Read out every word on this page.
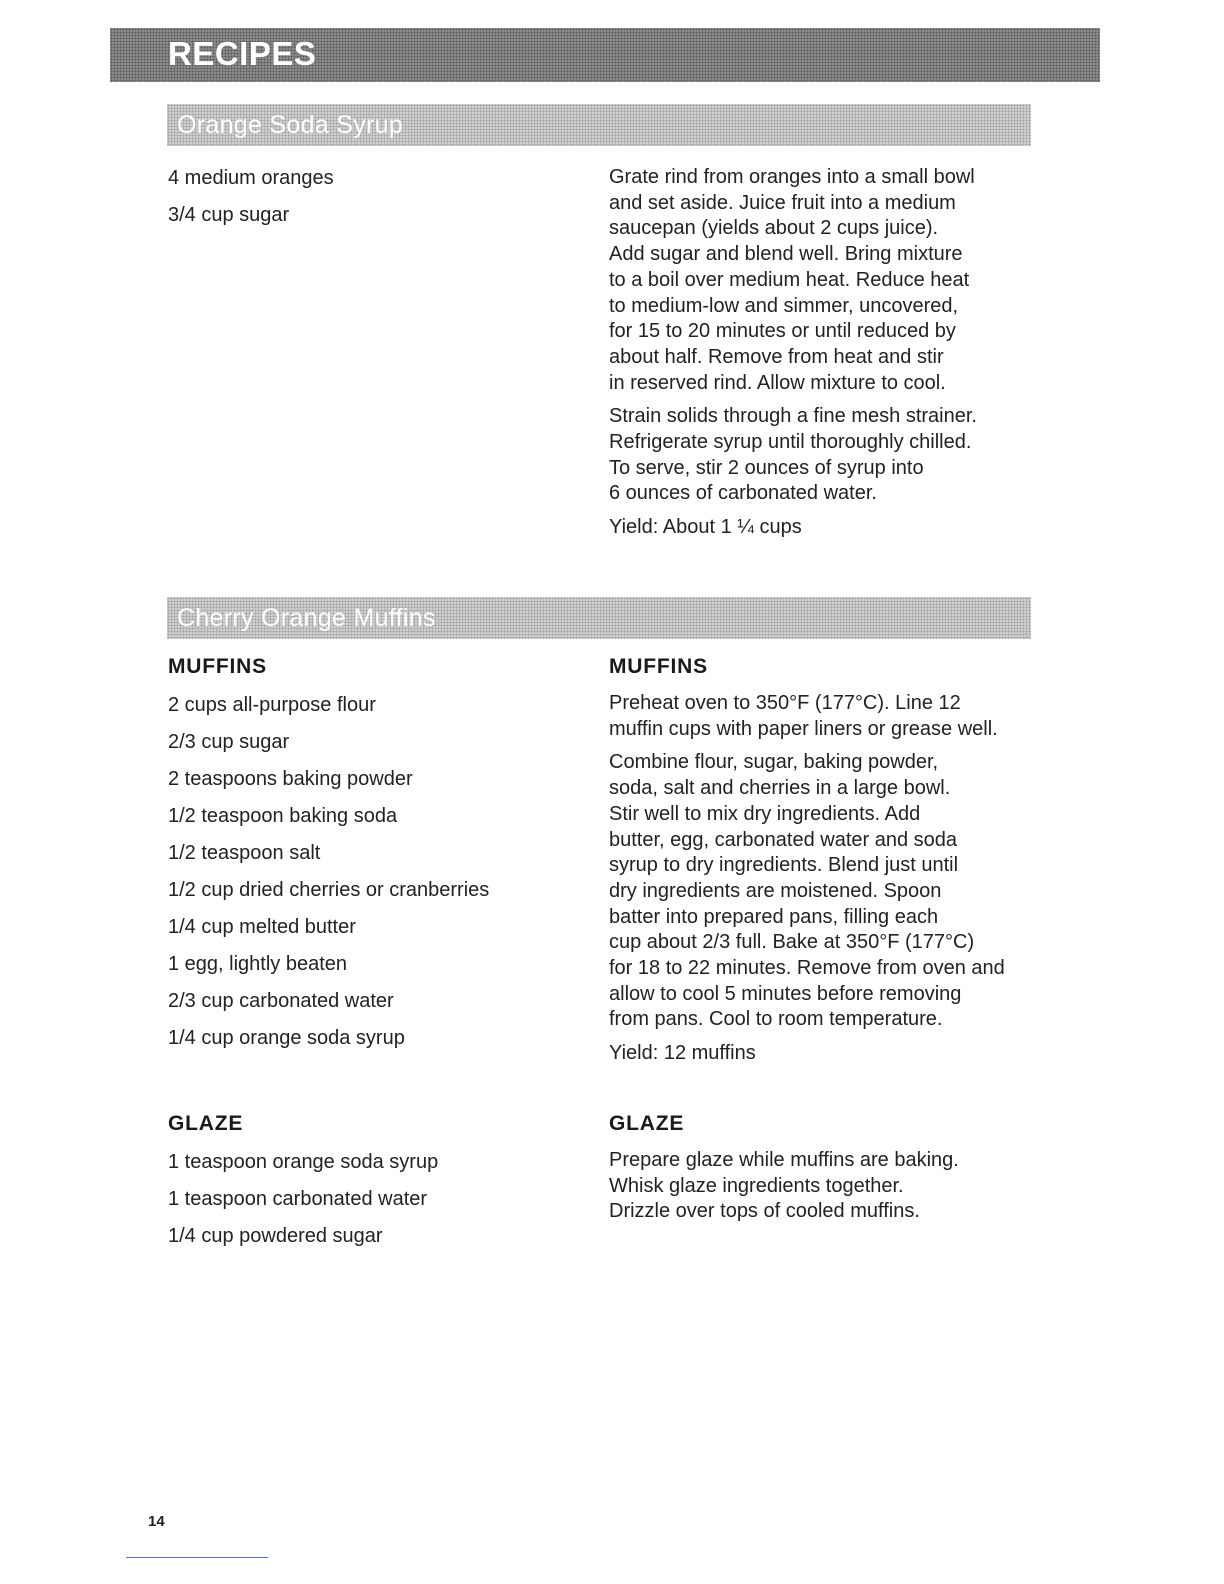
RECIPES
Orange Soda Syrup
4 medium oranges
3/4 cup sugar
Grate rind from oranges into a small bowl
and set aside. Juice fruit into a medium
saucepan (yields about 2 cups juice).
Add sugar and blend well. Bring mixture
to a boil over medium heat. Reduce heat
to medium-low and simmer, uncovered,
for 15 to 20 minutes or until reduced by
about half. Remove from heat and stir
in reserved rind. Allow mixture to cool.
Strain solids through a fine mesh strainer.
Refrigerate syrup until thoroughly chilled.
To serve, stir 2 ounces of syrup into
6 ounces of carbonated water.
Yield: About 1 ¼ cups
Cherry Orange Muffins
MUFFINS
2 cups all-purpose flour
2/3 cup sugar
2 teaspoons baking powder
1/2 teaspoon baking soda
1/2 teaspoon salt
1/2 cup dried cherries or cranberries
1/4 cup melted butter
1 egg, lightly beaten
2/3 cup carbonated water
1/4 cup orange soda syrup
MUFFINS
Preheat oven to 350°F (177°C). Line 12
muffin cups with paper liners or grease well.
Combine flour, sugar, baking powder,
soda, salt and cherries in a large bowl.
Stir well to mix dry ingredients. Add
butter, egg, carbonated water and soda
syrup to dry ingredients. Blend just until
dry ingredients are moistened. Spoon
batter into prepared pans, filling each
cup about 2/3 full. Bake at 350°F (177°C)
for 18 to 22 minutes. Remove from oven and
allow to cool 5 minutes before removing
from pans. Cool to room temperature.
Yield: 12 muffins
GLAZE
1 teaspoon orange soda syrup
1 teaspoon carbonated water
1/4 cup powdered sugar
GLAZE
Prepare glaze while muffins are baking.
Whisk glaze ingredients together.
Drizzle over tops of cooled muffins.
14
